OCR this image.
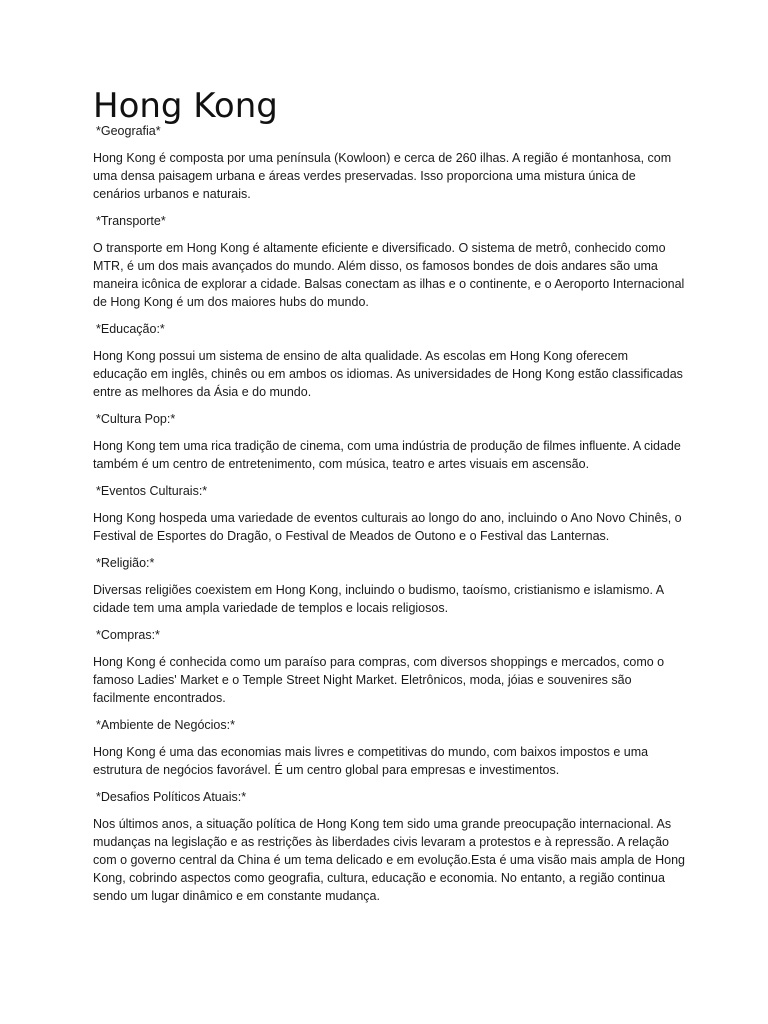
Hong Kong

*Geografia*

Hong Kong é composta por uma península (Kowloon) e cerca de 260 ilhas. A região é montanhosa, com uma densa paisagem urbana e áreas verdes preservadas. Isso proporciona uma mistura única de cenários urbanos e naturais.

*Transporte*

O transporte em Hong Kong é altamente eficiente e diversificado. O sistema de metrô, conhecido como MTR, é um dos mais avançados do mundo. Além disso, os famosos bondes de dois andares são uma maneira icônica de explorar a cidade. Balsas conectam as ilhas e o continente, e o Aeroporto Internacional de Hong Kong é um dos maiores hubs do mundo.

*Educação:*

Hong Kong possui um sistema de ensino de alta qualidade. As escolas em Hong Kong oferecem educação em inglês, chinês ou em ambos os idiomas. As universidades de Hong Kong estão classificadas entre as melhores da Ásia e do mundo.

*Cultura Pop:*

Hong Kong tem uma rica tradição de cinema, com uma indústria de produção de filmes influente. A cidade também é um centro de entretenimento, com música, teatro e artes visuais em ascensão.

*Eventos Culturais:*

Hong Kong hospeda uma variedade de eventos culturais ao longo do ano, incluindo o Ano Novo Chinês, o Festival de Esportes do Dragão, o Festival de Meados de Outono e o Festival das Lanternas.

*Religião:*

Diversas religiões coexistem em Hong Kong, incluindo o budismo, taoísmo, cristianismo e islamismo. A cidade tem uma ampla variedade de templos e locais religiosos.

*Compras:*

Hong Kong é conhecida como um paraíso para compras, com diversos shoppings e mercados, como o famoso Ladies' Market e o Temple Street Night Market. Eletrônicos, moda, jóias e souvenires são facilmente encontrados.

*Ambiente de Negócios:*

Hong Kong é uma das economias mais livres e competitivas do mundo, com baixos impostos e uma estrutura de negócios favorável. É um centro global para empresas e investimentos.

*Desafios Políticos Atuais:*

Nos últimos anos, a situação política de Hong Kong tem sido uma grande preocupação internacional. As mudanças na legislação e as restrições às liberdades civis levaram a protestos e à repressão. A relação com o governo central da China é um tema delicado e em evolução.Esta é uma visão mais ampla de Hong Kong, cobrindo aspectos como geografia, cultura, educação e economia. No entanto, a região continua sendo um lugar dinâmico e em constante mudança.
